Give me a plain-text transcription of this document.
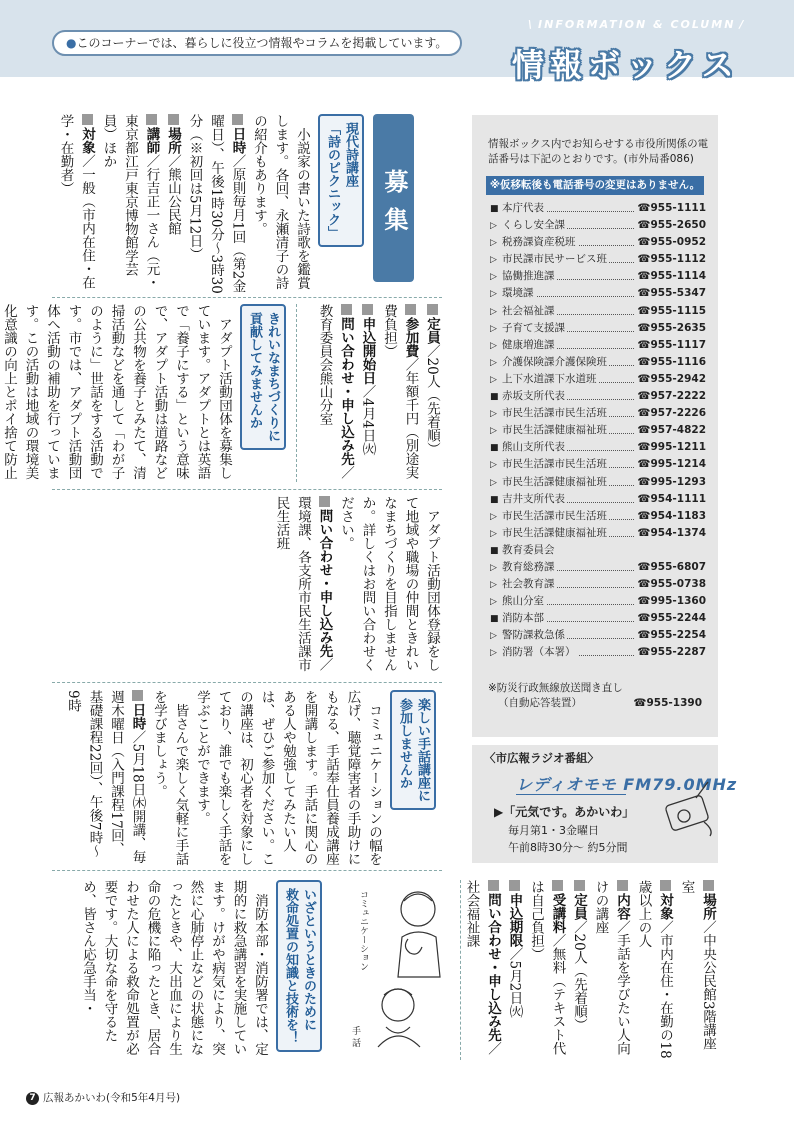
●このコーナーでは、暮らしに役立つ情報やコラムを掲載しています。
\ INFORMATION & COLUMN /
情報ボックス
募集
現代詩講座
「詩のピクニック」

　小説家の書いた詩歌を鑑賞します。各回、永瀬清子の詩の紹介もあります。

日時／原則毎月1回（第2金曜日）、午後1時30分～3時30分（※初回は5月12日）

場所／熊山公民館

講師／行吉正一さん（元・東京都江戸東京博物館学芸員）ほか

対象／一般（市内在住・在学・在勤者）

定員／20人（先着順）

参加費／年額千円（別途実費負担）

申込開始日／4月4日㈫

問い合わせ・申し込み先／教育委員会熊山分室

きれいなまちづくりに
貢献してみませんか

　アダプト活動団体を募集しています。アダプトとは英語で「養子にする」という意味で、アダプト活動は道路などの公共物を養子とみたて、清掃活動などを通して「わが子のように」世話をする活動です。市では、アダプト活動団体へ活動の補助を行っています。この活動は地域の環境美化意識の向上とポイ捨て防止

　アダプト活動団体登録をして地域や職場の仲間ときれいなまちづくりを目指しませんか。詳しくはお問い合わせください。

問い合わせ・申し込み先／環境課、各支所市民生活課市民生活班

楽しい手話講座に
参加しませんか

　コミュニケーションの幅を広げ、聴覚障害者の手助けにもなる、手話奉仕員養成講座を開講します。手話に関心のある人や勉強してみたい人は、ぜひご参加ください。この講座は、初心者を対象にしており、誰でも楽しく手話を学ぶことができます。

　皆さんで楽しく気軽に手話を学びましょう。

日時／5月18日㈭開講、毎週木曜日（入門課程17回、基礎課程22回）、午後7時～9時

場所／中央公民館3階講座室

対象／市内在住・在勤の18歳以上の人

内容／手話を学びたい人向けの講座

定員／20人（先着順）

受講料／無料（テキスト代は自己負担）

申込期限／5月2日㈫

問い合わせ・申し込み先／社会福祉課

いざというときのために
救命処置の知識と技術を！

　消防本部・消防署では、定期的に救急講習を実施しています。けがや病気により、突然に心肺停止などの状態になったときや、大出血により生命の危機に陥ったとき、居合わせた人による救命処置が必要です。大切な命を守るため、皆さん応急手当・	コミュニケーション
手 話
情報ボックス内でお知らせする市役所関係の電話番号は下記のとおりです。(市外局番086)
※仮移転後も電話番号の変更はありません。
■ 本庁代表	☎955-1111
▷ くらし安全課	☎955-2650
▷ 税務課資産税班	☎955-0952
▷ 市民課市民サービス班	☎955-1112
▷ 協働推進課	☎955-1114
▷ 環境課	☎955-5347
▷ 社会福祉課	☎955-1115
▷ 子育て支援課	☎955-2635
▷ 健康増進課	☎955-1117
▷ 介護保険課介護保険班	☎955-1116
▷ 上下水道課下水道班	☎955-2942
■ 赤坂支所代表	☎957-2222
▷ 市民生活課市民生活班	☎957-2226
▷ 市民生活課健康福祉班	☎957-4822
■ 熊山支所代表	☎995-1211
▷ 市民生活課市民生活班	☎995-1214
▷ 市民生活課健康福祉班	☎995-1293
■ 吉井支所代表	☎954-1111
▷ 市民生活課市民生活班	☎954-1183
▷ 市民生活課健康福祉班	☎954-1374
■ 教育委員会
▷ 教育総務課	☎955-6807
▷ 社会教育課	☎955-0738
▷ 熊山分室	☎995-1360
■ 消防本部	☎955-2244
▷ 警防課救急係	☎955-2254
▷ 消防署（本署）	☎955-2287
※防災行政無線放送聞き直し
（自動応答装置）	☎955-1390
〈市広報ラジオ番組〉
レディオモモ FM79.0MHz
▶「元気です。あかいわ」
毎月第1・3金曜日
午前8時30分～ 約5分間
7 広報あかいわ(令和5年4月号)
